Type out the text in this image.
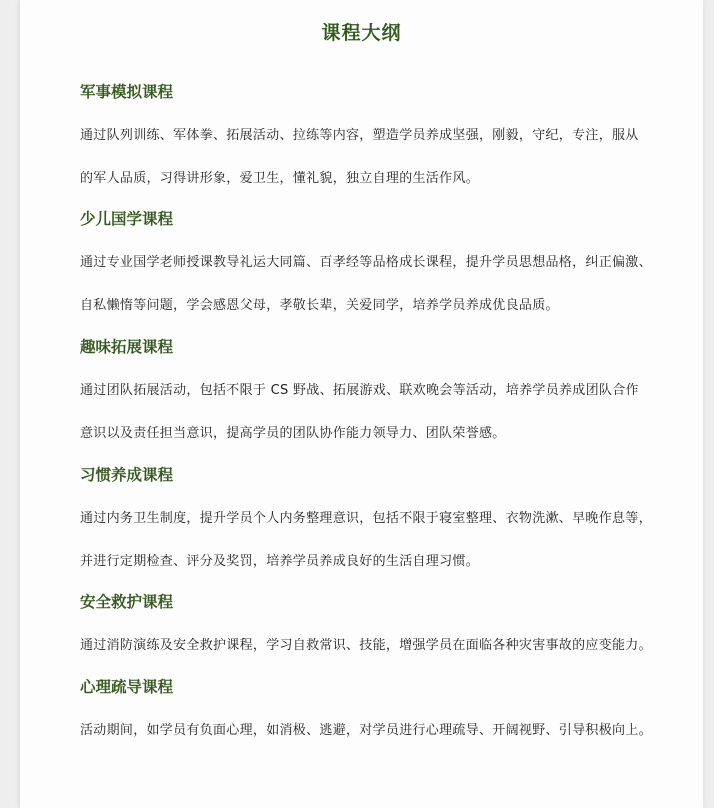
课程大纲
军事模拟课程
通过队列训练、军体拳、拓展活动、拉练等内容，塑造学员养成坚强，刚毅，守纪，专注，服从
的军人品质，习得讲形象，爱卫生，懂礼貌，独立自理的生活作风。
少儿国学课程
通过专业国学老师授课教导礼运大同篇、百孝经等品格成长课程，提升学员思想品格，纠正偏激、
自私懒惰等问题，学会感恩父母，孝敬长辈，关爱同学，培养学员养成优良品质。
趣味拓展课程
通过团队拓展活动，包括不限于 CS 野战、拓展游戏、联欢晚会等活动，培养学员养成团队合作
意识以及责任担当意识，提高学员的团队协作能力领导力、团队荣誉感。
习惯养成课程
通过内务卫生制度，提升学员个人内务整理意识，包括不限于寝室整理、衣物洗漱、早晚作息等，
并进行定期检查、评分及奖罚，培养学员养成良好的生活自理习惯。
安全救护课程
通过消防演练及安全救护课程，学习自救常识、技能，增强学员在面临各种灾害事故的应变能力。
心理疏导课程
活动期间，如学员有负面心理，如消极、逃避，对学员进行心理疏导、开阔视野、引导积极向上。
